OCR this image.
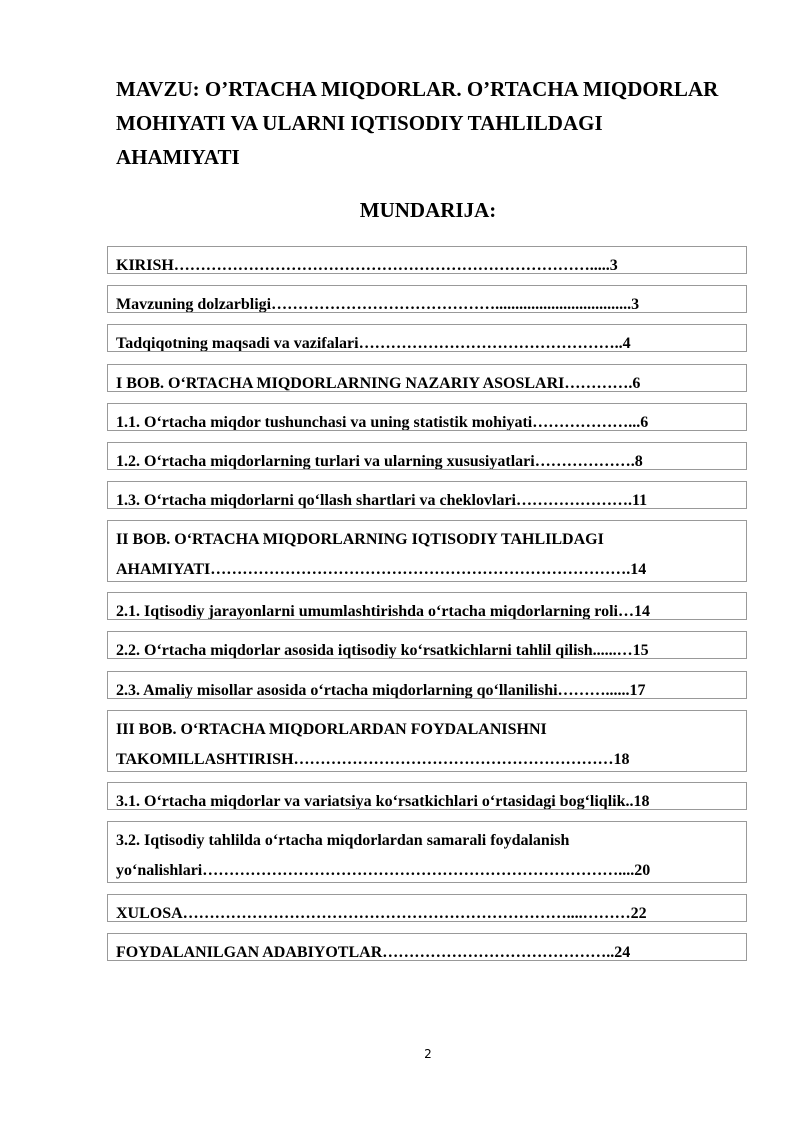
MAVZU: O’RTACHA MIQDORLAR. O’RTACHA MIQDORLAR
MOHIYATI VA ULARNI IQTISODIY TAHLILDAGI
AHAMIYATI
MUNDARIJA:
KIRISH…………………………………………………………………….....3
Mavzuning dolzarbligi……………………………………..................................3
Tadqiqotning maqsadi va vazifalari…………………………………………..4
I BOB. O‘RTACHA MIQDORLARNING NAZARIY ASOSLARI………….6
1.1. O‘rtacha miqdor tushunchasi va uning statistik mohiyati………………...6
1.2. O‘rtacha miqdorlarning turlari va ularning xususiyatlari……………….8
1.3. O‘rtacha miqdorlarni qo‘llash shartlari va cheklovlari………………….11
II BOB. O‘RTACHA MIQDORLARNING IQTISODIY TAHLILDAGI
AHAMIYATI…………………………………………………………………….14
2.1. Iqtisodiy jarayonlarni umumlashtirishda o‘rtacha miqdorlarning roli…14
2.2. O‘rtacha miqdorlar asosida iqtisodiy ko‘rsatkichlarni tahlil qilish......…15
2.3. Amaliy misollar asosida o‘rtacha miqdorlarning qo‘llanilishi………......17
III BOB. O‘RTACHA MIQDORLARDAN FOYDALANISHNI
TAKOMILLASHTIRISH……………………………………………………18
3.1. O‘rtacha miqdorlar va variatsiya ko‘rsatkichlari o‘rtasidagi bog‘liqlik..18
3.2. Iqtisodiy tahlilda o‘rtacha miqdorlardan samarali foydalanish
yo‘nalishlari……………………………………………………………………....20
XULOSA………………………………………………………………....………22
FOYDALANILGAN ADABIYOTLAR……………………………………..24
2
